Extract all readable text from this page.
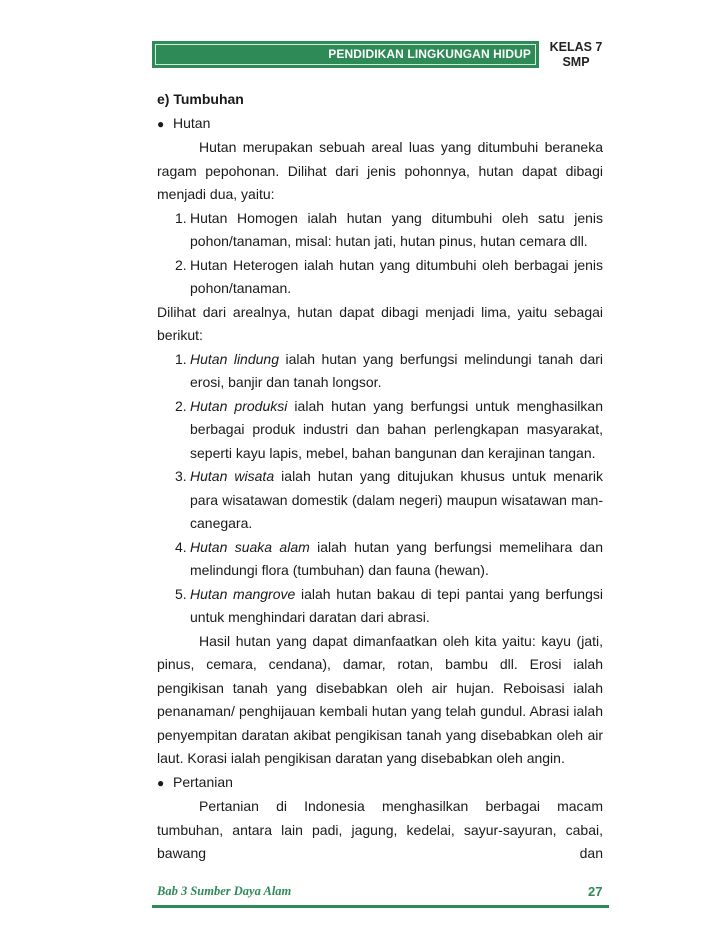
PENDIDIKAN LINGKUNGAN HIDUP	KELAS 7
SMP

e) Tumbuhan

● Hutan

Hutan merupakan sebuah areal luas yang ditumbuhi beraneka ragam pepohonan. Dilihat dari jenis pohonnya, hutan dapat dibagi menjadi dua, yaitu:

1. Hutan Homogen ialah hutan yang ditumbuhi oleh satu jenis pohon/tanaman, misal: hutan jati, hutan pinus, hutan cemara dll.

2. Hutan Heterogen ialah hutan yang ditumbuhi oleh berbagai jenis pohon/tanaman.

Dilihat dari arealnya, hutan dapat dibagi menjadi lima, yaitu sebagai berikut:

1. Hutan lindung ialah hutan yang berfungsi melindungi tanah dari erosi, banjir dan tanah longsor.

2. Hutan produksi ialah hutan yang berfungsi untuk menghasilkan berbagai produk industri dan bahan perlengkapan masyarakat, seperti kayu lapis, mebel, bahan bangunan dan kerajinan tangan.

3. Hutan wisata ialah hutan yang ditujukan khusus untuk menarik para wisatawan domestik (dalam negeri) maupun wisatawan man-canegara.

4. Hutan suaka alam ialah hutan yang berfungsi memelihara dan melindungi flora (tumbuhan) dan fauna (hewan).

5. Hutan mangrove ialah hutan bakau di tepi pantai yang berfungsi untuk menghindari daratan dari abrasi.

Hasil hutan yang dapat dimanfaatkan oleh kita yaitu: kayu (jati, pinus, cemara, cendana), damar, rotan, bambu dll. Erosi ialah pengikisan tanah yang disebabkan oleh air hujan. Reboisasi ialah penanaman/ penghijauan kembali hutan yang telah gundul. Abrasi ialah penyempitan daratan akibat pengikisan tanah yang disebabkan oleh air laut. Korasi ialah pengikisan daratan yang disebabkan oleh angin.

● Pertanian

Pertanian di Indonesia menghasilkan berbagai macam tumbuhan, antara lain padi, jagung, kedelai, sayur-sayuran, cabai, bawang dan

Bab 3 Sumber Daya Alam	27
